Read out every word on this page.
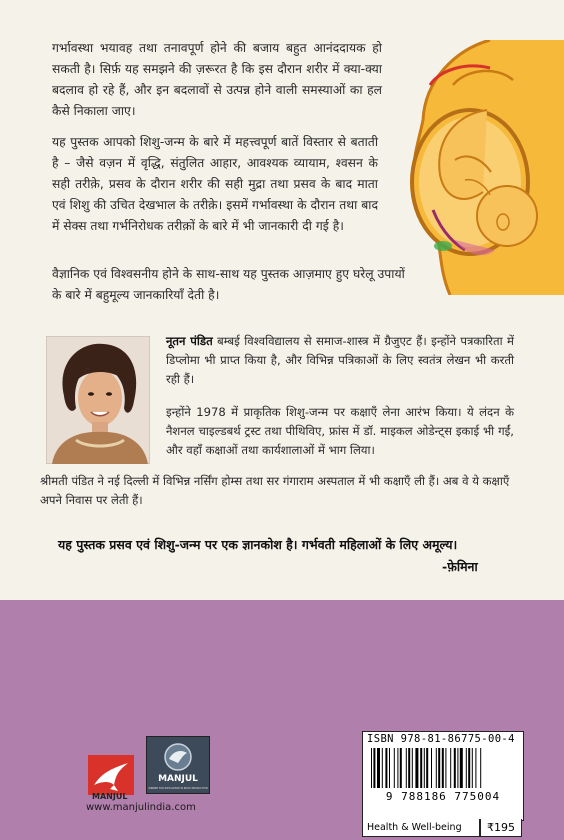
गर्भावस्था भयावह तथा तनावपूर्ण होने की बजाय बहुत आनंददायक हो सकती है। सिर्फ़ यह समझने की ज़रूरत है कि इस दौरान शरीर में क्या-क्या बदलाव हो रहे हैं, और इन बदलावों से उत्पन्न होने वाली समस्याओं का हल कैसे निकाला जाए।
यह पुस्तक आपको शिशु-जन्म के बारे में महत्त्वपूर्ण बातें विस्तार से बताती है – जैसे वज़न में वृद्धि, संतुलित आहार, आवश्यक व्यायाम, श्वसन के सही तरीक़े, प्रसव के दौरान शरीर की सही मुद्रा तथा प्रसव के बाद माता एवं शिशु की उचित देखभाल के तरीक़े। इसमें गर्भावस्था के दौरान तथा बाद में सेक्स तथा गर्भनिरोधक तरीक़ों के बारे में भी जानकारी दी गई है।
वैज्ञानिक एवं विश्वसनीय होने के साथ-साथ यह पुस्तक आज़माए हुए घरेलू उपायों के बारे में बहुमूल्य जानकारियाँ देती है।
नूतन पंडित बम्बई विश्वविद्यालय से समाज-शास्त्र में ग्रैजुएट हैं। इन्होंने पत्रकारिता में डिप्लोमा भी प्राप्त किया है, और विभिन्न पत्रिकाओं के लिए स्वतंत्र लेखन भी करती रही हैं।
इन्होंने 1978 में प्राकृतिक शिशु-जन्म पर कक्षाएँ लेना आरंभ किया। ये लंदन के नैशनल चाइल्डबर्थ ट्रस्ट तथा पीथिविए, फ्रांस में डॉ. माइकल ओडेन्ट्स इकाई भी गईं, और वहाँ कक्षाओं तथा कार्यशालाओं में भाग लिया।
श्रीमती पंडित ने नई दिल्ली में विभिन्न नर्सिंग होम्स तथा सर गंगाराम अस्पताल में भी कक्षाएँ ली हैं। अब वे ये कक्षाएँ अपने निवास पर लेती हैं।
यह पुस्तक प्रसव एवं शिशु-जन्म पर एक ज्ञानकोश है। गर्भवती महिलाओं के लिए अमूल्य।
-फ़ेमिना
MANJUL
www.manjulindia.com
MANJUL
WINNER FOR EXCELLENCE IN BOOK PRODUCTION
ISBN 978-81-86775-00-4
9 788186 775004
Health & Well-being	₹195
